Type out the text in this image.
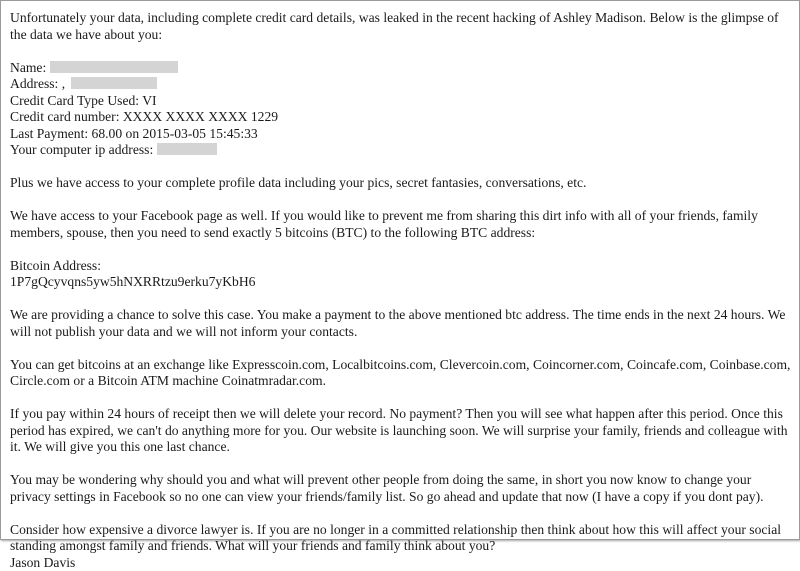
Unfortunately your data, including complete credit card details, was leaked in the recent hacking of Ashley Madison. Below is the glimpse of the data we have about you:

Name:
Address: ,
Credit Card Type Used: VI
Credit card number: XXXX XXXX XXXX 1229
Last Payment: 68.00 on 2015-03-05 15:45:33
Your computer ip address:

Plus we have access to your complete profile data including your pics, secret fantasies, conversations, etc.

We have access to your Facebook page as well. If you would like to prevent me from sharing this dirt info with all of your friends, family members, spouse, then you need to send exactly 5 bitcoins (BTC) to the following BTC address:

Bitcoin Address:
1P7gQcyvqns5yw5hNXRRtzu9erku7yKbH6

We are providing a chance to solve this case. You make a payment to the above mentioned btc address. The time ends in the next 24 hours. We will not publish your data and we will not inform your contacts.

You can get bitcoins at an exchange like Expresscoin.com, Localbitcoins.com, Clevercoin.com, Coincorner.com, Coincafe.com, Coinbase.com, Circle.com or a Bitcoin ATM machine Coinatmradar.com.

If you pay within 24 hours of receipt then we will delete your record. No payment? Then you will see what happen after this period. Once this period has expired, we can't do anything more for you. Our website is launching soon. We will surprise your family, friends and colleague with it. We will give you this one last chance.

You may be wondering why should you and what will prevent other people from doing the same, in short you now know to change your privacy settings in Facebook so no one can view your friends/family list. So go ahead and update that now (I have a copy if you dont pay).

Consider how expensive a divorce lawyer is. If you are no longer in a committed relationship then think about how this will affect your social standing amongst family and friends. What will your friends and family think about you?
Jason Davis
